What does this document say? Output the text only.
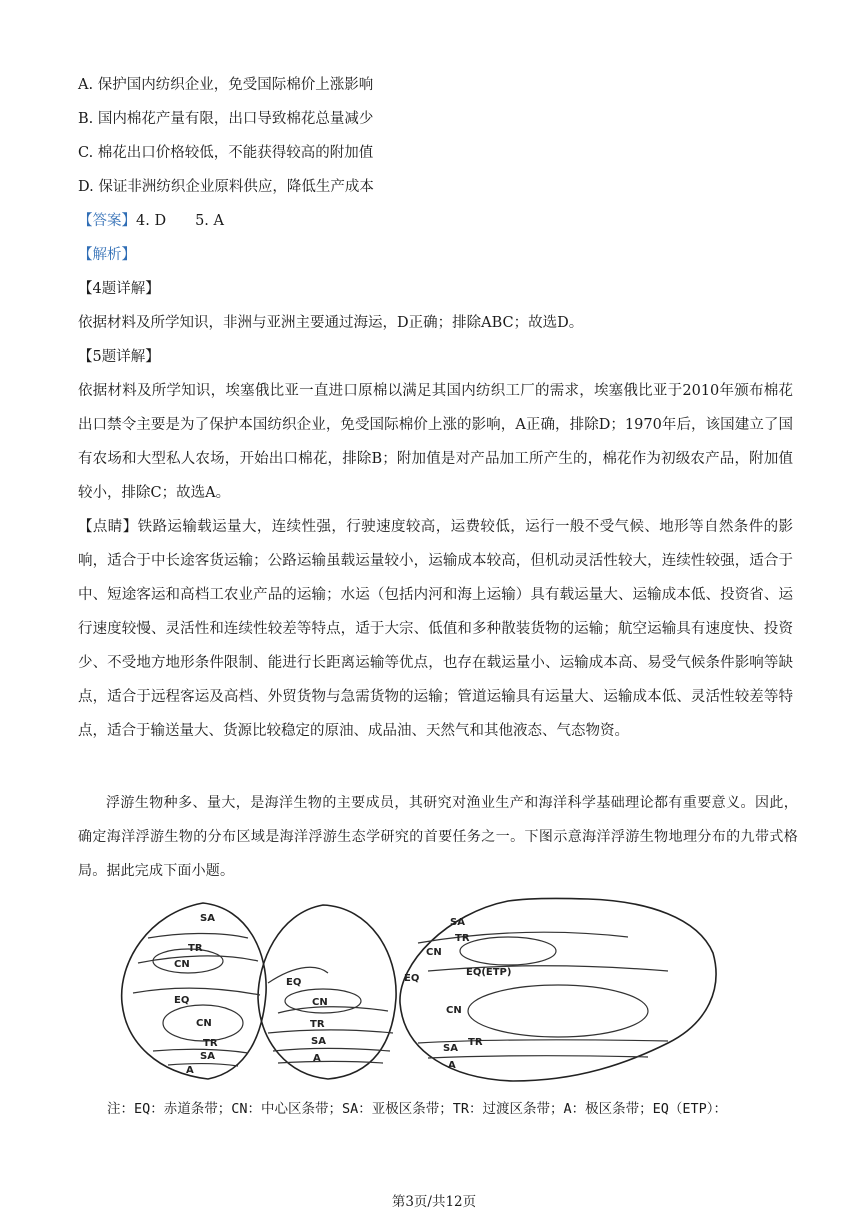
A. 保护国内纺织企业，免受国际棉价上涨影响
B. 国内棉花产量有限，出口导致棉花总量减少
C. 棉花出口价格较低，不能获得较高的附加值
D. 保证非洲纺织企业原料供应，降低生产成本
【答案】4. D　　5. A
【解析】
【4题详解】
依据材料及所学知识，非洲与亚洲主要通过海运，D正确；排除ABC；故选D。
【5题详解】
依据材料及所学知识，埃塞俄比亚一直进口原棉以满足其国内纺织工厂的需求，埃塞俄比亚于2010年颁布棉花出口禁令主要是为了保护本国纺织企业，免受国际棉价上涨的影响，A正确，排除D；1970年后，该国建立了国有农场和大型私人农场，开始出口棉花，排除B；附加值是对产品加工所产生的，棉花作为初级农产品，附加值较小，排除C；故选A。
【点睛】铁路运输载运量大，连续性强，行驶速度较高，运费较低，运行一般不受气候、地形等自然条件的影响，适合于中长途客货运输；公路运输虽载运量较小，运输成本较高，但机动灵活性较大，连续性较强，适合于中、短途客运和高档工农业产品的运输；水运（包括内河和海上运输）具有载运量大、运输成本低、投资省、运行速度较慢、灵活性和连续性较差等特点，适于大宗、低值和多种散装货物的运输；航空运输具有速度快、投资少、不受地方地形条件限制、能进行长距离运输等优点，也存在载运量小、运输成本高、易受气候条件影响等缺点，适合于远程客运及高档、外贸货物与急需货物的运输；管道运输具有运量大、运输成本低、灵活性较差等特点，适合于输送量大、货源比较稳定的原油、成品油、天然气和其他液态、气态物资。
浮游生物种多、量大，是海洋生物的主要成员，其研究对渔业生产和海洋科学基础理论都有重要意义。因此，确定海洋浮游生物的分布区域是海洋浮游生态学研究的首要任务之一。下图示意海洋浮游生物地理分布的九带式格局。据此完成下面小题。
SA
TR
CN
EQ
CN
TR
SA
A
EQ
CN
TR
SA
A
SA
TR
CN
EQ
EQ(ETP)
CN
TR
SA
A
注：EQ：赤道条带；CN：中心区条带；SA：亚极区条带；TR：过渡区条带；A：极区条带；EQ（ETP）：
第3页/共12页
